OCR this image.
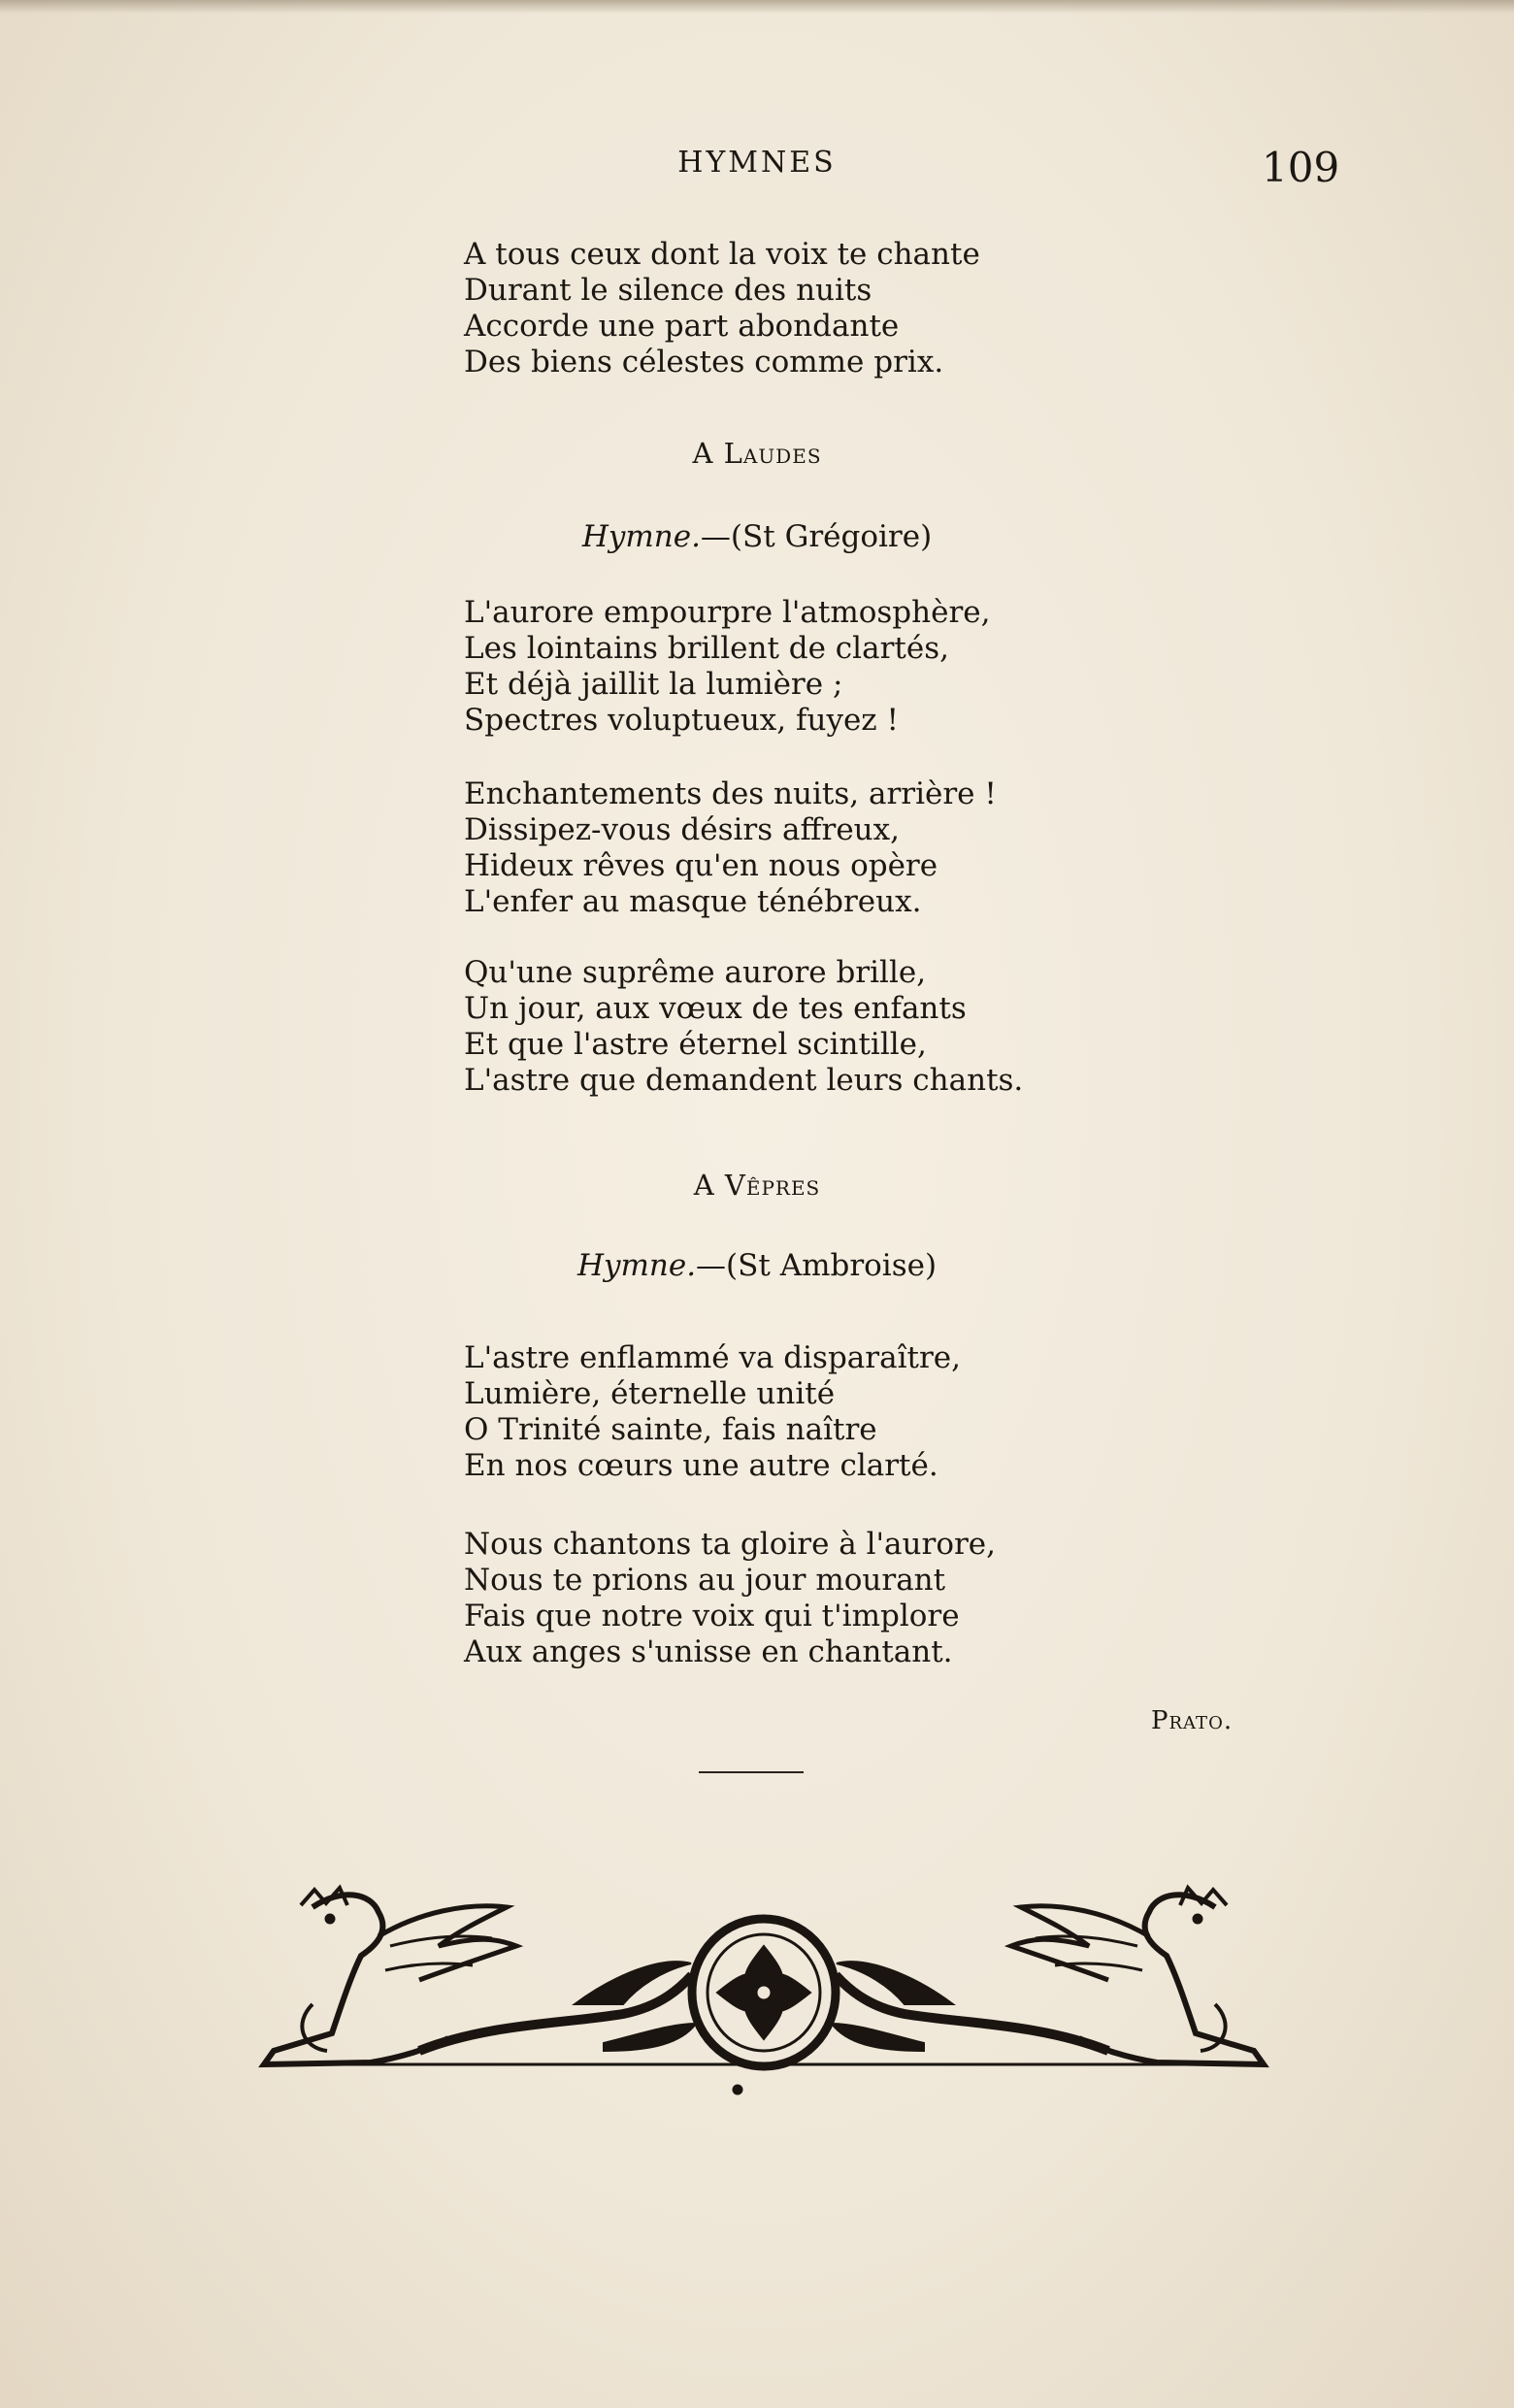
HYMNES	109
A tous ceux dont la voix te chante
Durant le silence des nuits
Accorde une part abondante
Des biens célestes comme prix.
A Laudes
Hymne.—(St Grégoire)
L'aurore empourpre l'atmosphère,
Les lointains brillent de clartés,
Et déjà jaillit la lumière ;
Spectres voluptueux, fuyez !
Enchantements des nuits, arrière !
Dissipez-vous désirs affreux,
Hideux rêves qu'en nous opère
L'enfer au masque ténébreux.
Qu'une suprême aurore brille,
Un jour, aux vœux de tes enfants
Et que l'astre éternel scintille,
L'astre que demandent leurs chants.
A Vêpres
Hymne.—(St Ambroise)
L'astre enflammé va disparaître,
Lumière, éternelle unité
O Trinité sainte, fais naître
En nos cœurs une autre clarté.
Nous chantons ta gloire à l'aurore,
Nous te prions au jour mourant
Fais que notre voix qui t'implore
Aux anges s'unisse en chantant.
Prato.
